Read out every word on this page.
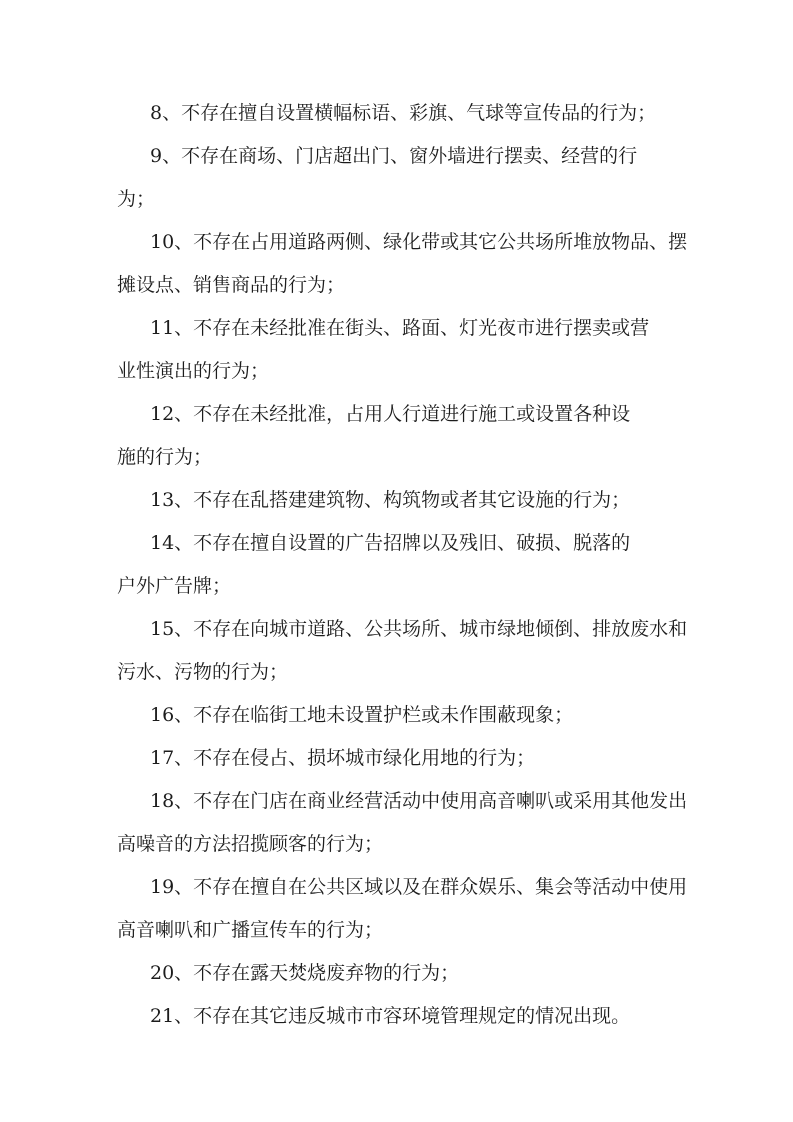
8、不存在擅自设置横幅标语、彩旗、气球等宣传品的行为；
9、不存在商场、门店超出门、窗外墙进行摆卖、经营的行
为；
10、不存在占用道路两侧、绿化带或其它公共场所堆放物品、摆
摊设点、销售商品的行为；
11、不存在未经批准在街头、路面、灯光夜市进行摆卖或营
业性演出的行为；
12、不存在未经批准，占用人行道进行施工或设置各种设
施的行为；
13、不存在乱搭建建筑物、构筑物或者其它设施的行为；
14、不存在擅自设置的广告招牌以及残旧、破损、脱落的
户外广告牌；
15、不存在向城市道路、公共场所、城市绿地倾倒、排放废水和
污水、污物的行为；
16、不存在临街工地未设置护栏或未作围蔽现象；
17、不存在侵占、损坏城市绿化用地的行为；
18、不存在门店在商业经营活动中使用高音喇叭或采用其他发出
高噪音的方法招揽顾客的行为；
19、不存在擅自在公共区域以及在群众娱乐、集会等活动中使用
高音喇叭和广播宣传车的行为；
20、不存在露天焚烧废弃物的行为；
21、不存在其它违反城市市容环境管理规定的情况出现。
